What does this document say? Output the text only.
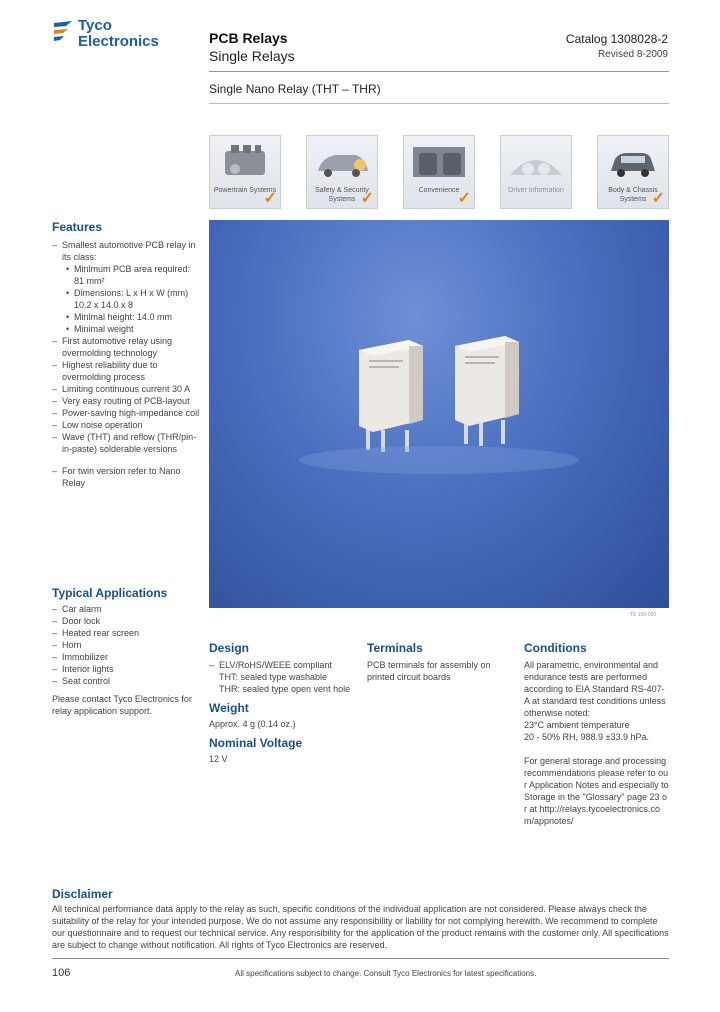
Tyco
Electronics	PCB Relays
Single Relays
Catalog 1308028-2
Revised 8-2009
Single Nano Relay (THT – THR)
Powertrain Systems
✓	Safety & Security Systems ✓	Convenience
✓	Driver Information	Body & Chassis Systems ✓
TE 100-000
Features
– Smallest automotive PCB relay in its class:
• Minimum PCB area required: 81 mm²
• Dimensions: L x H x W (mm) 10.2 x 14.0 x 8
• Minimal height: 14.0 mm
• Minimal weight
– First automotive relay using overmolding technology
– Highest reliability due to overmolding process
– Limiting continuous current 30 A
– Very easy routing of PCB-layout
– Power-saving high-impedance coil
– Low noise operation
– Wave (THT) and reflow (THR/pin-in-paste) solderable versions
– For twin version refer to Nano Relay
Typical Applications
– Car alarm
– Door lock
– Heated rear screen
– Horn
– Immobilizer
– Interior lights
– Seat control
Please contact Tyco Electronics for relay application support.
Design
– ELV/RoHS/WEEE compliant
THT: sealed type washable
THR: sealed type open vent hole
Weight
Approx. 4 g (0.14 oz.)
Nominal Voltage
12 V
Terminals
PCB terminals for assembly on printed circuit boards
Conditions
All parametric, environmental and endurance tests are performed according to EIA Standard RS-407-A at standard test conditions unless otherwise noted:
23°C ambient temperature
20 - 50% RH, 988.9 ±33.9 hPa.
For general storage and processing recommendations please refer to our Application Notes and especially to Storage in the "Glossary" page 23 or at http://relays.tycoelectronics.com/appnotes/
Disclaimer
All technical performance data apply to the relay as such, specific conditions of the individual application are not considered. Please always check the suitability of the relay for your intended purpose. We do not assume any responsibility or liability for not complying herewith. We recommend to complete our questionnaire and to request our technical service. Any responsibility for the application of the product remains with the customer only. All specifications are subject to change without notification. All rights of Tyco Electronics are reserved.
106	All specifications subject to change. Consult Tyco Electronics for latest specifications.
